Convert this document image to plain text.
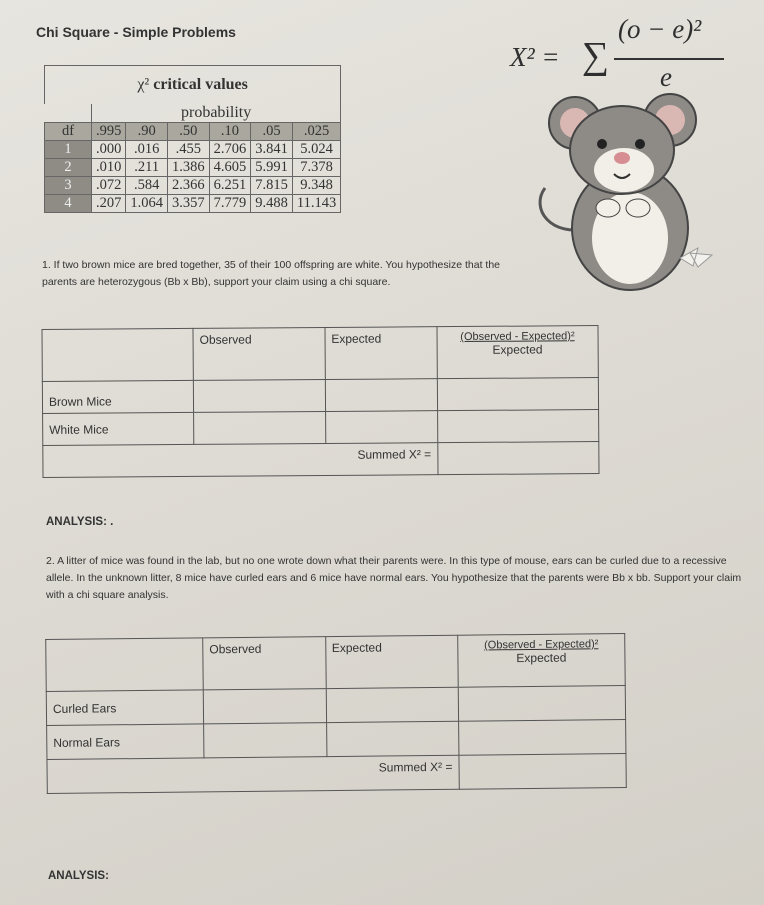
Chi Square - Simple Problems
X² = ∑
(o − e)²
e
χ² critical values						
	probability					
df	.995	.90	.50	.10	.05	.025
1	.000	.016	.455	2.706	3.841	5.024
2	.010	.211	1.386	4.605	5.991	7.378
3	.072	.584	2.366	6.251	7.815	9.348
4	.207	1.064	3.357	7.779	9.488	11.143
1. If two brown mice are bred together, 35 of their 100 offspring are white. You hypothesize that the parents are heterozygous (Bb x Bb), support your claim using a chi square.
	Observed	Expected	(Observed - Expected)²
Expected
Brown Mice			
White Mice			
Summed X² =			
ANALYSIS: .
2. A litter of mice was found in the lab, but no one wrote down what their parents were. In this type of mouse, ears can be curled due to a recessive allele. In the unknown litter, 8 mice have curled ears and 6 mice have normal ears. You hypothesize that the parents were Bb x bb. Support your claim with a chi square analysis.
	Observed	Expected	(Observed - Expected)²
Expected
Curled Ears			
Normal Ears			
Summed X² =			
ANALYSIS:
